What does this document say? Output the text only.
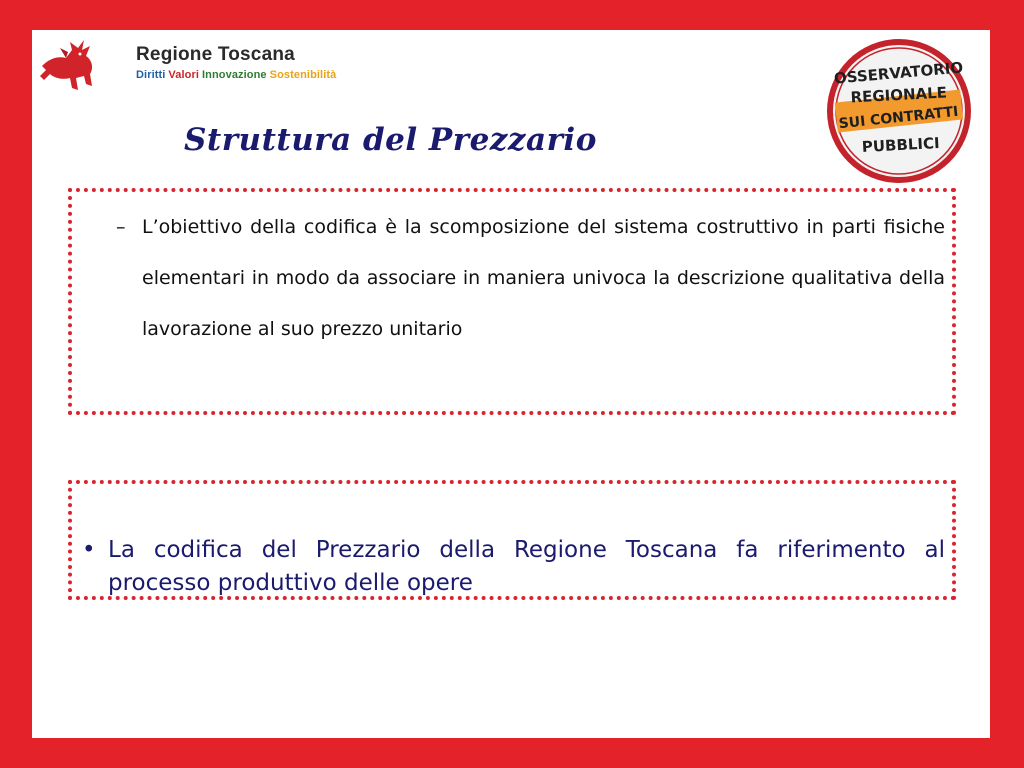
Regione Toscana
Diritti Valori Innovazione Sostenibilità	OSSERVATORIO
REGIONALE
SUI CONTRATTI
PUBBLICI
Struttura del Prezzario
– L’obiettivo della codifica è la scomposizione del sistema costruttivo in parti fisiche elementari in modo da associare in maniera univoca la descrizione qualitativa della lavorazione al suo prezzo unitario
• La codifica del Prezzario della Regione Toscana fa riferimento al processo produttivo delle opere
